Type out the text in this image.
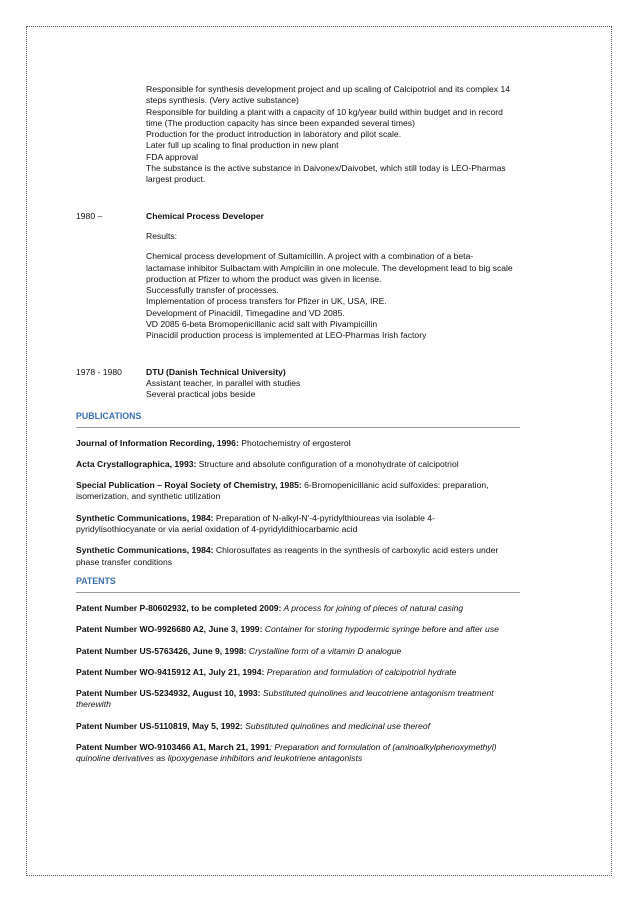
Responsible for synthesis development project and up scaling of Calcipotriol and its complex 14
steps synthesis. (Very active substance)
Responsible for building a plant with a capacity of 10 kg/year build within budget and in record
time (The production capacity has since been expanded several times)
Production for the product introduction in laboratory and pilot scale.
Later full up scaling to final production in new plant
FDA approval
The substance is the active substance in Daivonex/Daivobet, which still today is LEO-Pharmas
largest product.
1980 –	Chemical Process Developer
Results:
Chemical process development of Sultamicillin. A project with a combination of a beta-
lactamase inhibitor Sulbactam with Ampicilin in one molecule. The development lead to big scale
production at Pfizer to whom the product was given in license.
Successfully transfer of processes.
Implementation of process transfers for Pfizer in UK, USA, IRE.
Development of Pinacidil, Timegadine and VD 2085.
VD 2085 6-beta Bromopenicillanic acid salt with Pivampicillin
Pinacidil production process is implemented at LEO-Pharmas Irish factory
1978 - 1980	DTU (Danish Technical University)
Assistant teacher, in parallel with studies
Several practical jobs beside
PUBLICATIONS
Journal of Information Recording, 1996: Photochemistry of ergosterol
Acta Crystallographica, 1993: Structure and absolute configuration of a monohydrate of calcipotriol
Special Publication – Royal Society of Chemistry, 1985: 6-Bromopenicillanic acid sulfoxides: preparation,
isomerization, and synthetic utilization
Synthetic Communications, 1984: Preparation of N-alkyl-N'-4-pyridylthioureas via isolable 4-
pyridylisothiocyanate or via aerial oxidation of 4-pyridyldithiocarbamic acid
Synthetic Communications, 1984: Chlorosulfates as reagents in the synthesis of carboxylic acid esters under
phase transfer conditions
PATENTS
Patent Number P-80602932, to be completed 2009: A process for joining of pieces of natural casing
Patent Number WO-9926680 A2, June 3, 1999: Container for storing hypodermic syringe before and after use
Patent Number US-5763426, June 9, 1998: Crystalline form of a vitamin D analogue
Patent Number WO-9415912 A1, July 21, 1994: Preparation and formulation of calcipotriol hydrate
Patent Number US-5234932, August 10, 1993: Substituted quinolines and leucotriene antagonism treatment
therewith
Patent Number US-5110819, May 5, 1992: Substituted quinolines and medicinal use thereof
Patent Number WO-9103466 A1, March 21, 1991: Preparation and formulation of (aminoalkylphenoxymethyl)
quinoline derivatives as lipoxygenase inhibitors and leukotriene antagonists
